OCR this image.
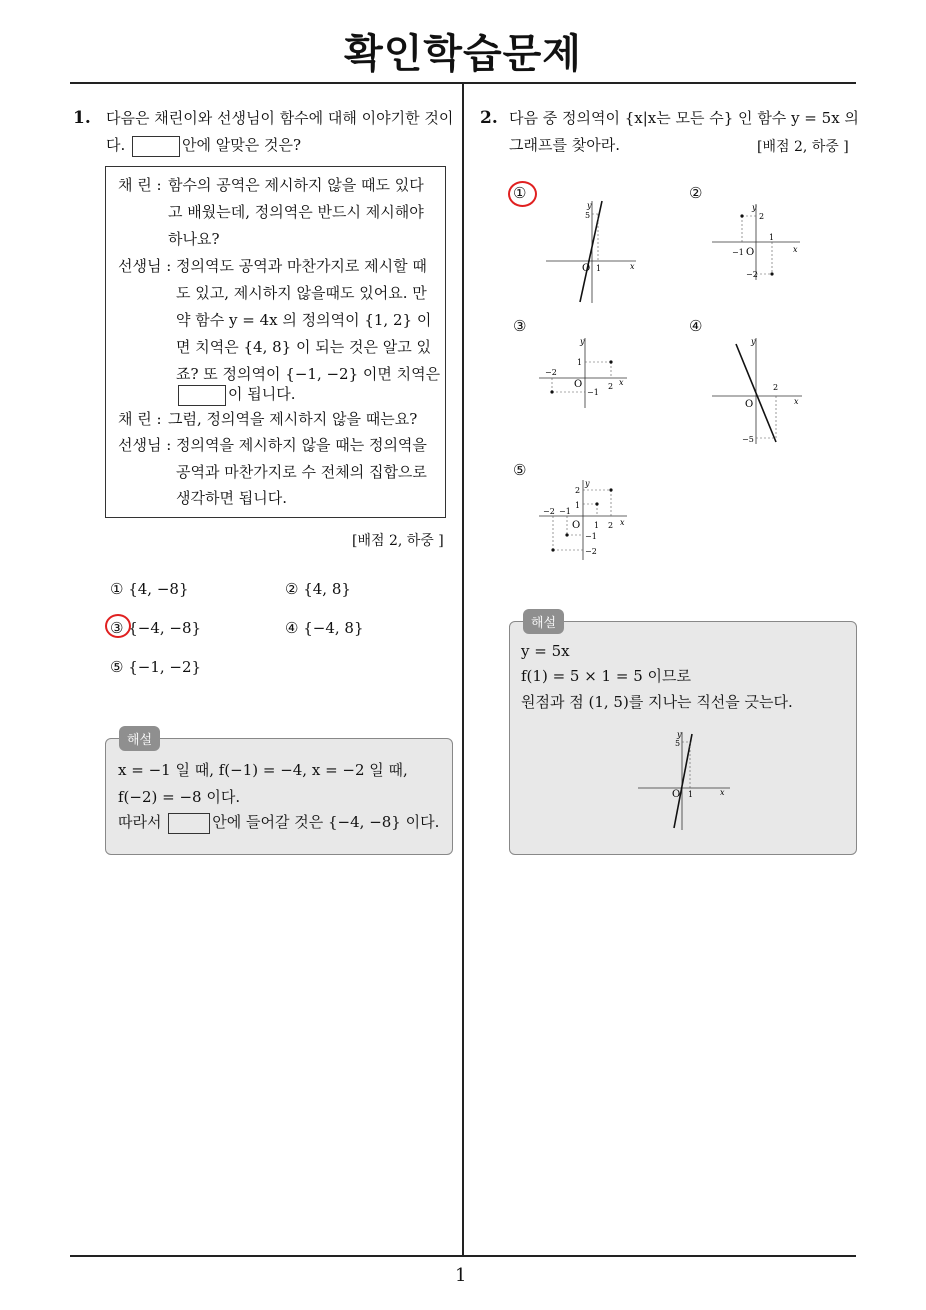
확인학습문제
1
1. 다음은 채린이와 선생님이 함수에 대해 이야기한 것이
다.	안에 알맞은 것은?
채 린 : 함수의 공역은 제시하지 않을 때도 있다
고 배웠는데, 정의역은 반드시 제시해야
하나요?
선생님 : 정의역도 공역과 마찬가지로 제시할 때
도 있고, 제시하지 않을때도 있어요. 만
약 함수 y = 4x 의 정의역이 {1, 2} 이
면 치역은 {4, 8} 이 되는 것은 알고 있
죠? 또 정의역이 {−1, −2} 이면 치역은
이 됩니다.
채 린 : 그럼, 정의역을 제시하지 않을 때는요?
선생님 : 정의역을 제시하지 않을 때는 정의역을
공역과 마찬가지로 수 전체의 집합으로
생각하면 됩니다.
[배점 2, 하중 ]
① {4, −8}	② {4, 8}
③ {−4, −8}	④ {−4, 8}
⑤ {−1, −2}
해설
x = −1 일 때, f(−1) = −4, x = −2 일 때,
f(−2) = −8 이다.
따라서	안에 들어갈 것은 {−4, −8} 이다.
2. 다음 중 정의역이 {x|x는 모든 수} 인 함수 y = 5x 의
그래프를 찾아라.	[배점 2, 하중 ]
①	②
③	④
⑤
y
x
O
5
1
y
x
O
2
−1
1
−2
y
x
O
1
−2
2
−1
y
x
O
2
−5
y
x
O
2
1
−2 −1
1 2
−1
−2
해설
y = 5x
f(1) = 5 × 1 = 5 이므로
원점과 점 (1, 5)를 지나는 직선을 긋는다.
y
x
O
5
1
